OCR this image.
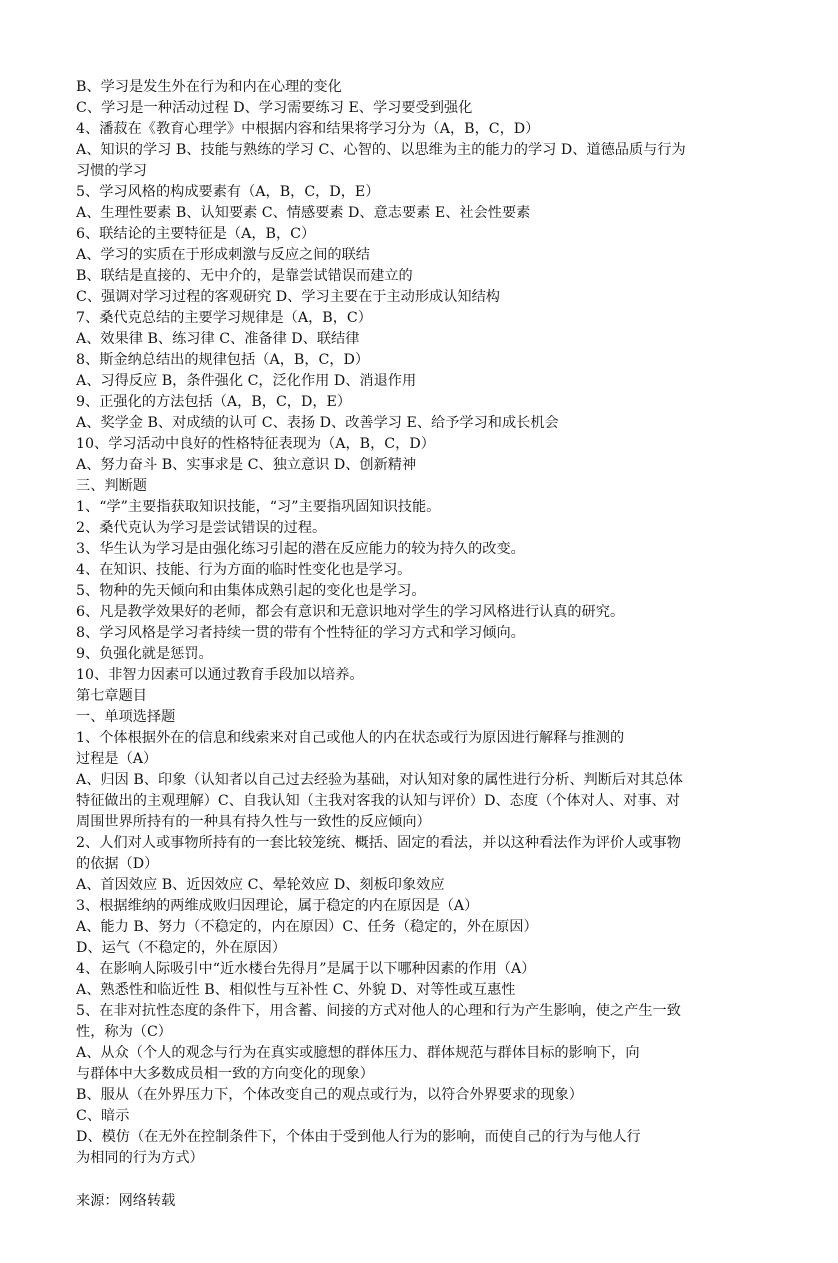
B、学习是发生外在行为和内在心理的变化
C、学习是一种活动过程 D、学习需要练习 E、学习要受到强化
4、潘菽在《教育心理学》中根据内容和结果将学习分为（A，B，C，D）
A、知识的学习 B、技能与熟练的学习 C、心智的、以思维为主的能力的学习 D、道德品质与行为
习惯的学习
5、学习风格的构成要素有（A，B，C，D，E）
A、生理性要素 B、认知要素 C、情感要素 D、意志要素 E、社会性要素
6、联结论的主要特征是（A，B，C）
A、学习的实质在于形成刺激与反应之间的联结
B、联结是直接的、无中介的，是靠尝试错误而建立的
C、强调对学习过程的客观研究 D、学习主要在于主动形成认知结构
7、桑代克总结的主要学习规律是（A，B，C）
A、效果律 B、练习律 C、准备律 D、联结律
8、斯金纳总结出的规律包括（A，B，C，D）
A、习得反应 B，条件强化 C，泛化作用 D、消退作用
9、正强化的方法包括（A，B，C，D，E）
A、奖学金 B、对成绩的认可 C、表扬 D、改善学习 E、给予学习和成长机会
10、学习活动中良好的性格特征表现为（A，B，C，D）
A、努力奋斗 B、实事求是 C、独立意识 D、创新精神
三、判断题
1、“学”主要指获取知识技能，“习”主要指巩固知识技能。
2、桑代克认为学习是尝试错误的过程。
3、华生认为学习是由强化练习引起的潜在反应能力的较为持久的改变。
4、在知识、技能、行为方面的临时性变化也是学习。
5、物种的先天倾向和由集体成熟引起的变化也是学习。
6、凡是教学效果好的老师，都会有意识和无意识地对学生的学习风格进行认真的研究。
8、学习风格是学习者持续一贯的带有个性特征的学习方式和学习倾向。
9、负强化就是惩罚。
10、非智力因素可以通过教育手段加以培养。
第七章题目
一、单项选择题
1、个体根据外在的信息和线索来对自己或他人的内在状态或行为原因进行解释与推测的
过程是（A）
A、归因 B、印象（认知者以自己过去经验为基础，对认知对象的属性进行分析、判断后对其总体
特征做出的主观理解）C、自我认知（主我对客我的认知与评价）D、态度（个体对人、对事、对
周围世界所持有的一种具有持久性与一致性的反应倾向）
2、人们对人或事物所持有的一套比较笼统、概括、固定的看法，并以这种看法作为评价人或事物
的依据（D）
A、首因效应 B、近因效应 C、晕轮效应 D、刻板印象效应
3、根据维纳的两维成败归因理论，属于稳定的内在原因是（A）
A、能力 B、努力（不稳定的，内在原因）C、任务（稳定的，外在原因）
D、运气（不稳定的，外在原因）
4、在影响人际吸引中“近水楼台先得月”是属于以下哪种因素的作用（A）
A、熟悉性和临近性 B、相似性与互补性 C、外貌 D、对等性或互惠性
5、在非对抗性态度的条件下，用含蓄、间接的方式对他人的心理和行为产生影响，使之产生一致
性，称为（C）
A、从众（个人的观念与行为在真实或臆想的群体压力、群体规范与群体目标的影响下，向
与群体中大多数成员相一致的方向变化的现象）
B、服从（在外界压力下，个体改变自己的观点或行为，以符合外界要求的现象）
C、暗示
D、模仿（在无外在控制条件下，个体由于受到他人行为的影响，而使自己的行为与他人行
为相同的行为方式）
来源：网络转载
